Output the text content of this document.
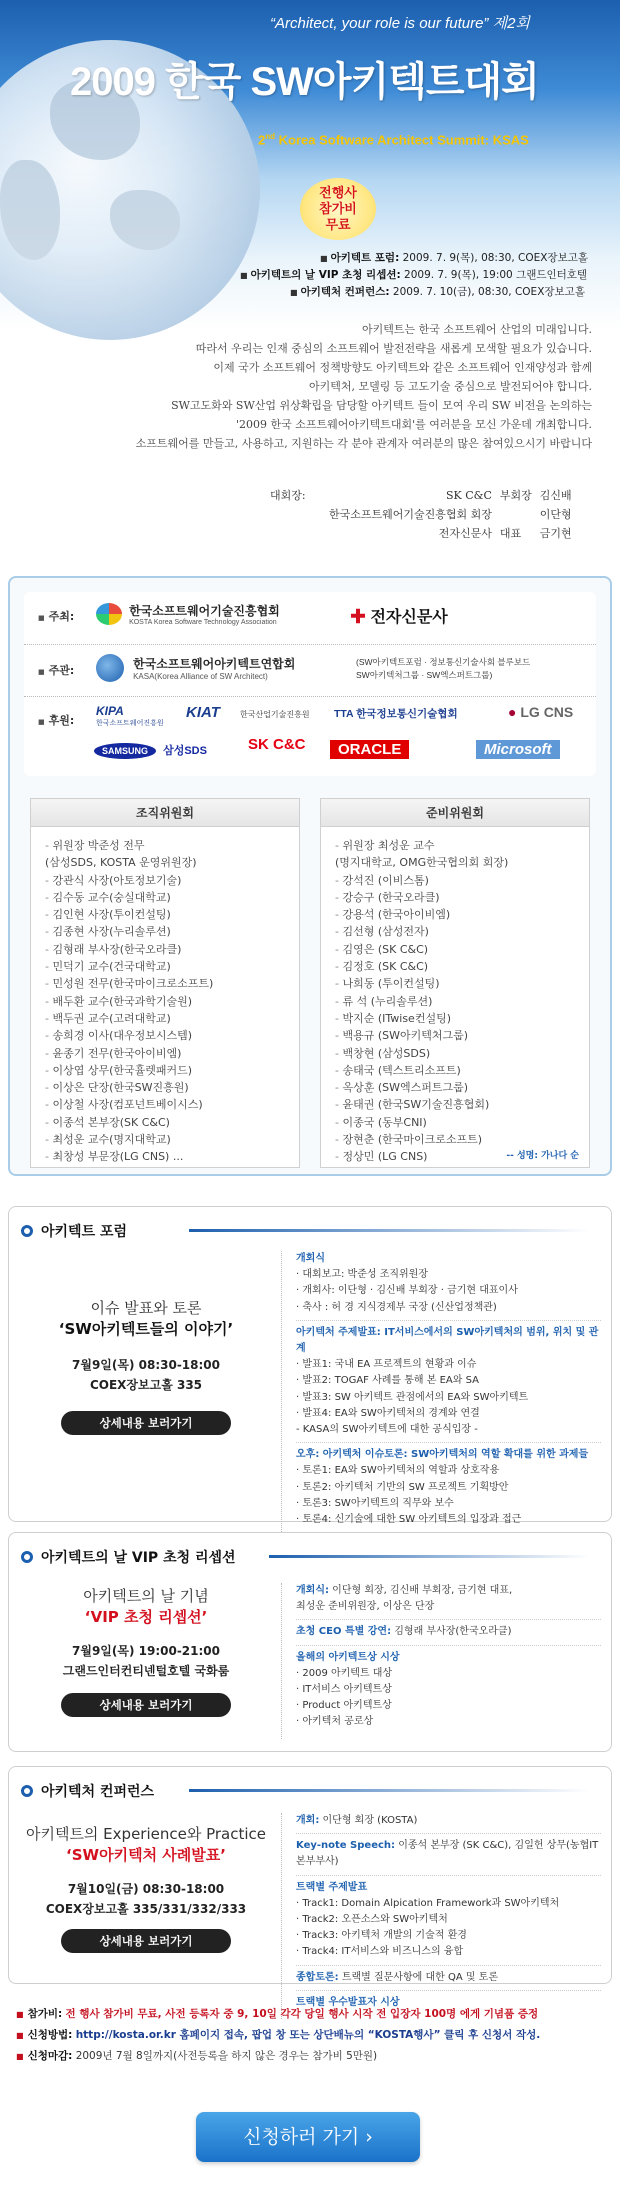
“Architect, your role is our future” 제2회
2009 한국 SW아키텍트대회
2nd Korea Software Architect Summit: KSAS
전행사
참가비
무료
■ 아키텍트 포럼: 2009. 7. 9(목), 08:30, COEX장보고홀
■ 아키텍트의 날 VIP 초청 리셉션: 2009. 7. 9(목), 19:00 그랜드인터호텔
■ 아키텍처 컨퍼런스: 2009. 7. 10(금), 08:30, COEX장보고홀
아키텍트는 한국 소프트웨어 산업의 미래입니다.
따라서 우리는 인재 중심의 소프트웨어 발전전략을 새롭게 모색할 필요가 있습니다.
이제 국가 소프트웨어 정책방향도 아키텍트와 같은 소프트웨어 인재양성과 함께
아키텍처, 모델링 등 고도기술 중심으로 발전되어야 합니다.
SW고도화와 SW산업 위상확립을 담당할 아키텍트 들이 모여 우리 SW 비전을 논의하는
'2009 한국 소프트웨어아키텍트대회'를 여러분을 모신 가운데 개최합니다.
소프트웨어를 만들고, 사용하고, 지원하는 각 분야 관계자 여러분의 많은 참여있으시기 바랍니다
대회장:	SK C&C	부회장	김신배
한국소프트웨어기술진흥협회 회장		이단형
전자신문사	대표	금기현
■ 주최:
	한국소프트웨어기술진흥협회
KOSTA Korea Software Technology Association	✚ 전자신문사
■ 주관:
	한국소프트웨어아키텍트연합회
KASA(Korea Alliance of SW Architect)
(SW아키텍트포럼 · 정보통신기술사회 블루보드
SW아키텍처그룹 · SW엑스퍼트그룹)
■ 후원:
KIPA
한국소프트웨어진흥원
KIAT	한국산업기술진흥원 TTA 한국정보통신기술협회	● LG CNS
SAMSUNG 삼성SDS	SK C&C	ORACLE	Microsoft
조직위원회
- 위원장 박준성 전무
(삼성SDS, KOSTA 운영위원장)
- 강관식 사장(아토정보기술)
- 김수동 교수(숭실대학교)
- 김인현 사장(투이컨설팅)
- 김종현 사장(누리솔루션)
- 김형래 부사장(한국오라클)
- 민덕기 교수(건국대학교)
- 민성원 전무(한국마이크로소프트)
- 배두환 교수(한국과학기술원)
- 백두권 교수(고려대학교)
- 송희경 이사(대우정보시스템)
- 윤종기 전무(한국아이비엠)
- 이상엽 상무(한국휼렛패커드)
- 이상은 단장(한국SW진흥원)
- 이상철 사장(컴포넌트베이시스)
- 이종석 본부장(SK C&C)
- 최성운 교수(명지대학교)
- 최창성 부문장(LG CNS) ...
준비위원회
- 위원장 최성운 교수
(명지대학교, OMG한국협의회 회장)
- 강석진 (이비스톰)
- 강승구 (한국오라클)
- 강용석 (한국아이비엠)
- 김선형 (삼성전자)
- 김영은 (SK C&C)
- 김정호 (SK C&C)
- 나희동 (투이컨설팅)
- 류 석 (누리솔루션)
- 박지순 (ITwise컨설팅)
- 백용규 (SW아키텍처그룹)
- 백창현 (삼성SDS)
- 송태국 (텍스트리소프트)
- 옥상훈 (SW엑스퍼트그룹)
- 윤태권 (한국SW기술진흥협회)
- 이종국 (동부CNI)
- 장현춘 (한국마이크로소프트)
- 정상민 (LG CNS)	-- 성명: 가나다 순
아키텍트 포럼
이슈 발표와 토론
‘SW아키텍트들의 이야기’
7월9일(목) 08:30-18:00
COEX장보고홀 335
상세내용 보러가기
개회식
· 대회보고: 박준성 조직위원장
· 개회사: 이단형 · 김신배 부회장 · 금기현 대표이사
· 축사 : 허 경 지식경제부 국장 (신산업정책관)
아키텍처 주제발표: IT서비스에서의 SW아키텍처의 범위, 위치 및 관계
· 발표1: 국내 EA 프로젝트의 현황과 이슈
· 발표2: TOGAF 사례를 통해 본 EA와 SA
· 발표3: SW 아키텍트 관점에서의 EA와 SW아키텍트
· 발표4: EA와 SW아키텍처의 경계와 연결
- KASA의 SW아키텍트에 대한 공식입장 -
오후: 아키텍처 이슈토론: SW아키텍처의 역할 확대를 위한 과제들
· 토론1: EA와 SW아키텍처의 역할과 상호작용
· 토론2: 아키텍처 기반의 SW 프로젝트 기획방안
· 토론3: SW아키텍트의 직무와 보수
· 토론4: 신기술에 대한 SW 아키텍트의 입장과 접근
아키텍트의 날 VIP 초청 리셉션
아키텍트의 날 기념
‘VIP 초청 리셉션’
7월9일(목) 19:00-21:00
그랜드인터컨티넨털호텔 국화룸
상세내용 보러가기
개회식: 이단형 회장, 김신배 부회장, 금기현 대표,
최성운 준비위원장, 이상은 단장
초청 CEO 특별 강연: 김형래 부사장(한국오라클)
올해의 아키텍트상 시상
· 2009 아키텍트 대상
· IT서비스 아키텍트상
· Product 아키텍트상
· 아키텍처 공로상
아키텍처 컨퍼런스
아키텍트의 Experience와 Practice
‘SW아키텍처 사례발표’
7월10일(금) 08:30-18:00
COEX장보고홀 335/331/332/333
상세내용 보러가기
개회: 이단형 회장 (KOSTA)
Key-note Speech: 이종석 본부장 (SK C&C), 김일헌 상무(농협IT본부부사)
트랙별 주제발표
· Track1: Domain Alpication Framework과 SW아키텍처
· Track2: 오픈소스와 SW아키텍처
· Track3: 아키텍처 개발의 기술적 환경
· Track4: IT서비스와 비즈니스의 융합
종합토론: 트랙별 질문사항에 대한 QA 및 토론
트랙별 우수발표자 시상
■ 참가비: 전 행사 참가비 무료, 사전 등록자 중 9, 10일 각각 당일 행사 시작 전 입장자 100명 에게 기념품 증정
■ 신청방법: http://kosta.or.kr 홈페이지 접속, 팝업 창 또는 상단배뉴의 “KOSTA행사” 클릭 후 신청서 작성.
■ 신청마감: 2009년 7월 8일까지(사전등록을 하지 않은 경우는 참가비 5만원)
신청하러 가기 ›
